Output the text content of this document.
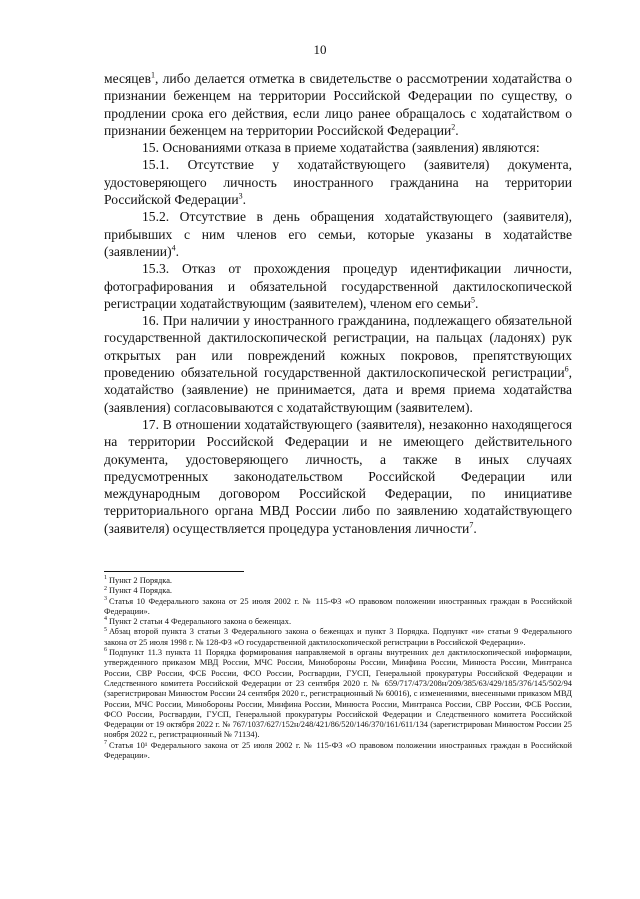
10

месяцев$^1$, либо делается отметка в свидетельстве о рассмотрении ходатайства о признании беженцем на территории Российской Федерации по существу, о продлении срока его действия, если лицо ранее обращалось с ходатайством о признании беженцем на территории Российской Федерации$^2$.

15. Основаниями отказа в приеме ходатайства (заявления) являются:

15.1. Отсутствие у ходатайствующего (заявителя) документа, удостоверяющего личность иностранного гражданина на территории Российской Федерации$^3$.

15.2. Отсутствие в день обращения ходатайствующего (заявителя), прибывших с ним членов его семьи, которые указаны в ходатайстве (заявлении)$^4$.

15.3. Отказ от прохождения процедур идентификации личности, фотографирования и обязательной государственной дактилоскопической регистрации ходатайствующим (заявителем), членом его семьи$^5$.

16. При наличии у иностранного гражданина, подлежащего обязательной государственной дактилоскопической регистрации, на пальцах (ладонях) рук открытых ран или повреждений кожных покровов, препятствующих проведению обязательной государственной дактилоскопической регистрации$^6$, ходатайство (заявление) не принимается, дата и время приема ходатайства (заявления) согласовываются с ходатайствующим (заявителем).

17. В отношении ходатайствующего (заявителя), незаконно находящегося на территории Российской Федерации и не имеющего действительного документа, удостоверяющего личность, а также в иных случаях предусмотренных законодательством Российской Федерации или международным договором Российской Федерации, по инициативе территориального органа МВД России либо по заявлению ходатайствующего (заявителя) осуществляется процедура установления личности$^7$.

$^1$ Пункт 2 Порядка.

$^2$ Пункт 4 Порядка.

$^3$ Статья 10 Федерального закона от 25 июля 2002 г. № 115-ФЗ «О правовом положении иностранных граждан в Российской Федерации».

$^4$ Пункт 2 статьи 4 Федерального закона о беженцах.

$^5$ Абзац второй пункта 3 статьи 3 Федерального закона о беженцах и пункт 3 Порядка. Подпункт «и» статьи 9 Федерального закона от 25 июля 1998 г. № 128-ФЗ «О государственной дактилоскопической регистрации в Российской Федерации».

$^6$ Подпункт 11.3 пункта 11 Порядка формирования направляемой в органы внутренних дел дактилоскопической информации, утвержденного приказом МВД России, МЧС России, Минобороны России, Минфина России, Минюста России, Минтранса России, СВР России, ФСБ России, ФСО России, Росгвардии, ГУСП, Генеральной прокуратуры Российской Федерации и Следственного комитета Российской Федерации от 23 сентября 2020 г. № 659/717/473/208н/209/385/63/429/185/376/145/502/94 (зарегистрирован Минюстом России 24 сентября 2020 г., регистрационный № 60016), с изменениями, внесенными приказом МВД России, МЧС России, Минобороны России, Минфина России, Минюста России, Минтранса России, СВР России, ФСБ России, ФСО России, Росгвардии, ГУСП, Генеральной прокуратуры Российской Федерации и Следственного комитета Российской Федерации от 19 октября 2022 г. № 767/1037/627/152н/248/421/86/520/146/370/161/611/134 (зарегистрирован Минюстом России 25 ноября 2022 г., регистрационный № 71134).

$^7$ Статья 10¹ Федерального закона от 25 июля 2002 г. № 115-ФЗ «О правовом положении иностранных граждан в Российской Федерации».
